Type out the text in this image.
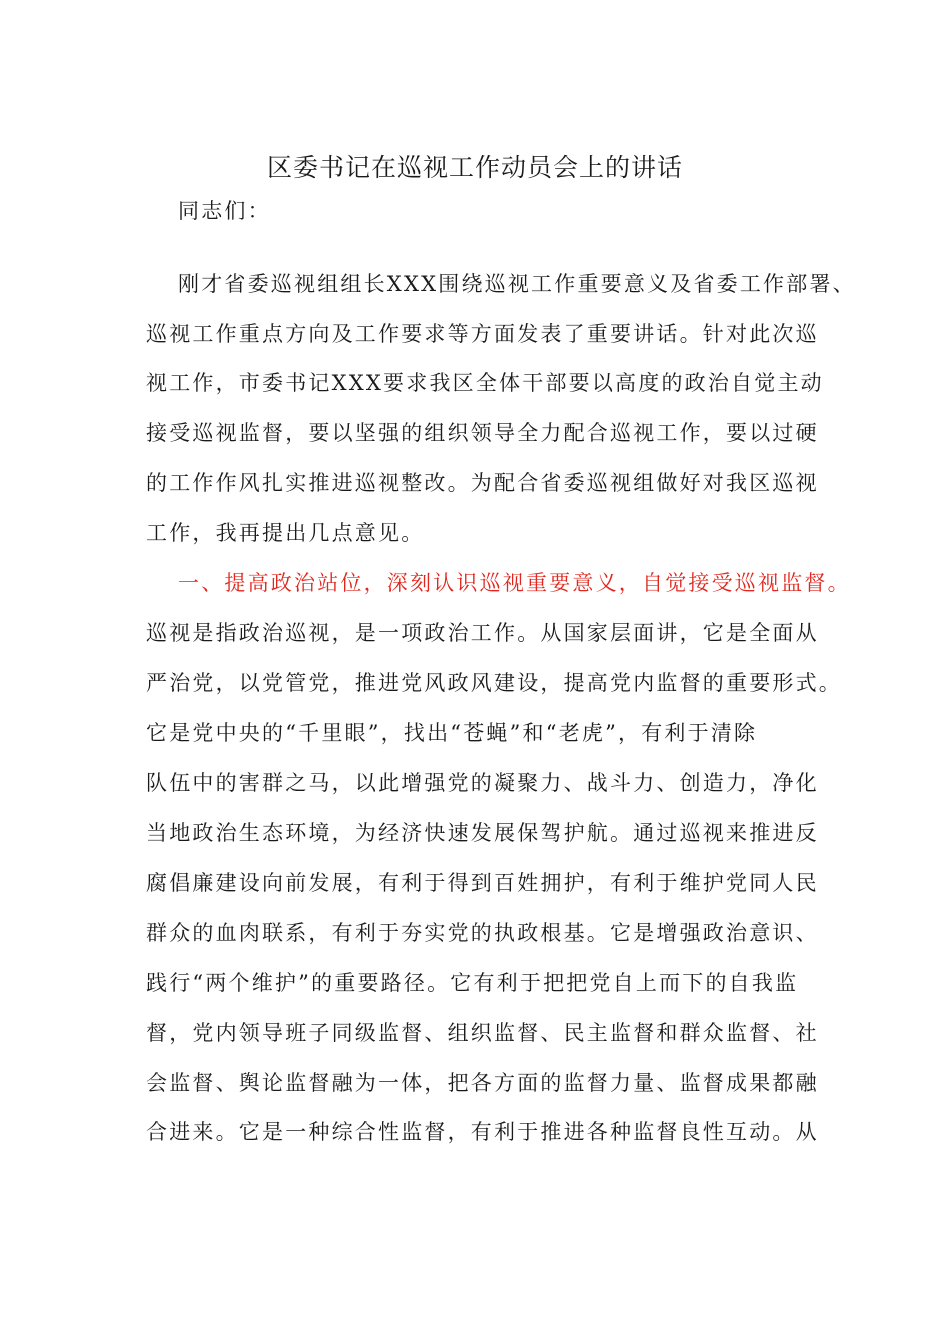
区委书记在巡视工作动员会上的讲话
同志们：
刚才省委巡视组组长XXX围绕巡视工作重要意义及省委工作部署、
巡视工作重点方向及工作要求等方面发表了重要讲话。针对此次巡
视工作，市委书记XXX要求我区全体干部要以高度的政治自觉主动
接受巡视监督，要以坚强的组织领导全力配合巡视工作，要以过硬
的工作作风扎实推进巡视整改。为配合省委巡视组做好对我区巡视
工作，我再提出几点意见。
一、提高政治站位，深刻认识巡视重要意义，自觉接受巡视监督。
巡视是指政治巡视，是一项政治工作。从国家层面讲，它是全面从
严治党，以党管党，推进党风政风建设，提高党内监督的重要形式。
它是党中央的“千里眼”，找出“苍蝇”和“老虎”，有利于清除
队伍中的害群之马，以此增强党的凝聚力、战斗力、创造力，净化
当地政治生态环境，为经济快速发展保驾护航。通过巡视来推进反
腐倡廉建设向前发展，有利于得到百姓拥护，有利于维护党同人民
群众的血肉联系，有利于夯实党的执政根基。它是增强政治意识、
践行“两个维护”的重要路径。它有利于把把党自上而下的自我监
督，党内领导班子同级监督、组织监督、民主监督和群众监督、社
会监督、舆论监督融为一体，把各方面的监督力量、监督成果都融
合进来。它是一种综合性监督，有利于推进各种监督良性互动。从
